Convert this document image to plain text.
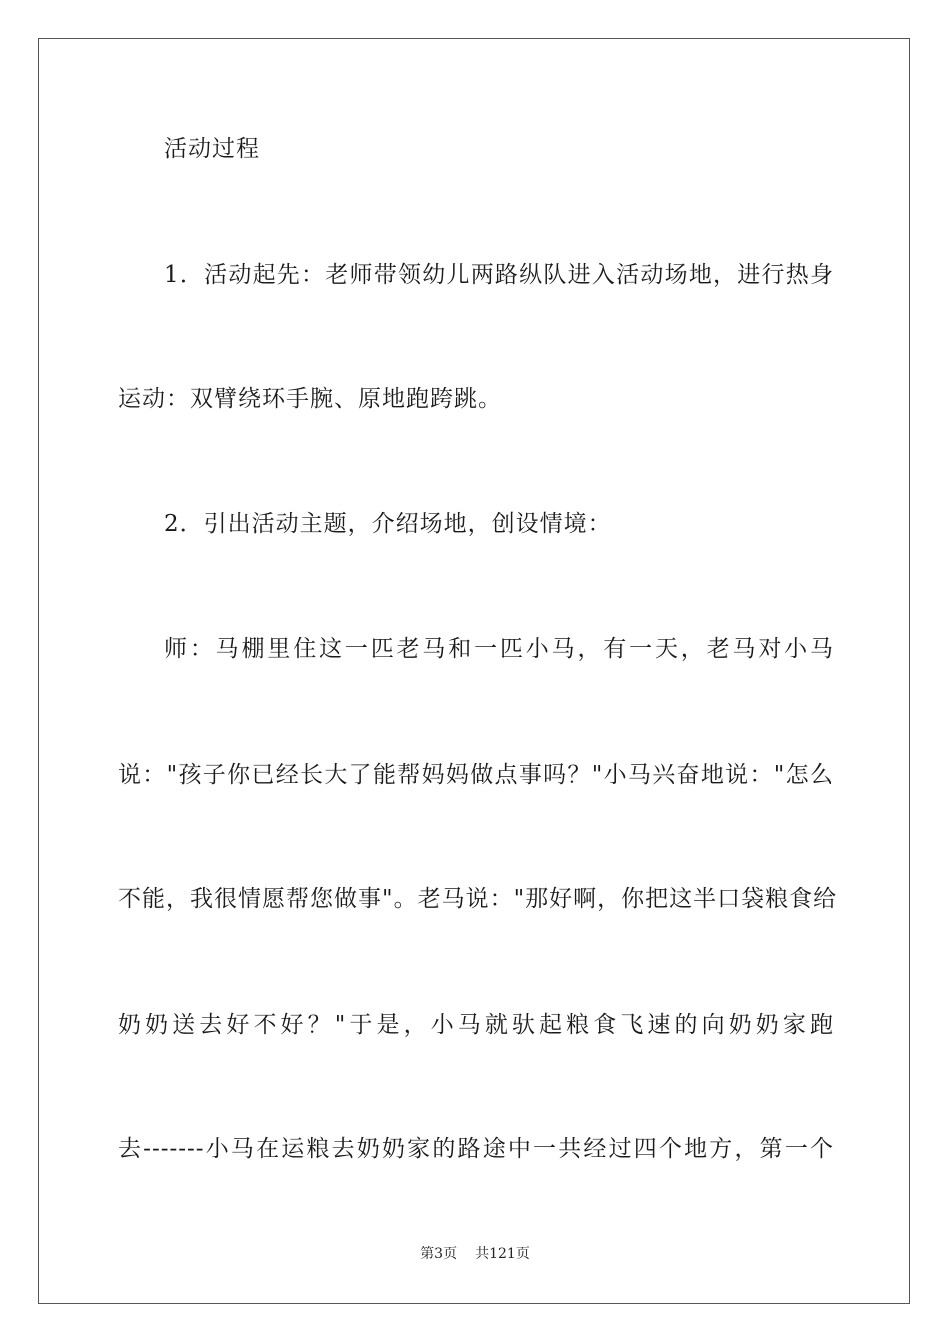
活动过程
1．活动起先：老师带领幼儿两路纵队进入活动场地，进行热身
运动：双臂绕环手腕、原地跑跨跳。
2．引出活动主题，介绍场地，创设情境：
师：马棚里住这一匹老马和一匹小马，有一天，老马对小马
说："孩子你已经长大了能帮妈妈做点事吗？"小马兴奋地说："怎么
不能，我很情愿帮您做事"。老马说："那好啊，你把这半口袋粮食给
奶奶送去好不好？"于是，小马就驮起粮食飞速的向奶奶家跑
去-------小马在运粮去奶奶家的路途中一共经过四个地方，第一个
第3页 共121页
